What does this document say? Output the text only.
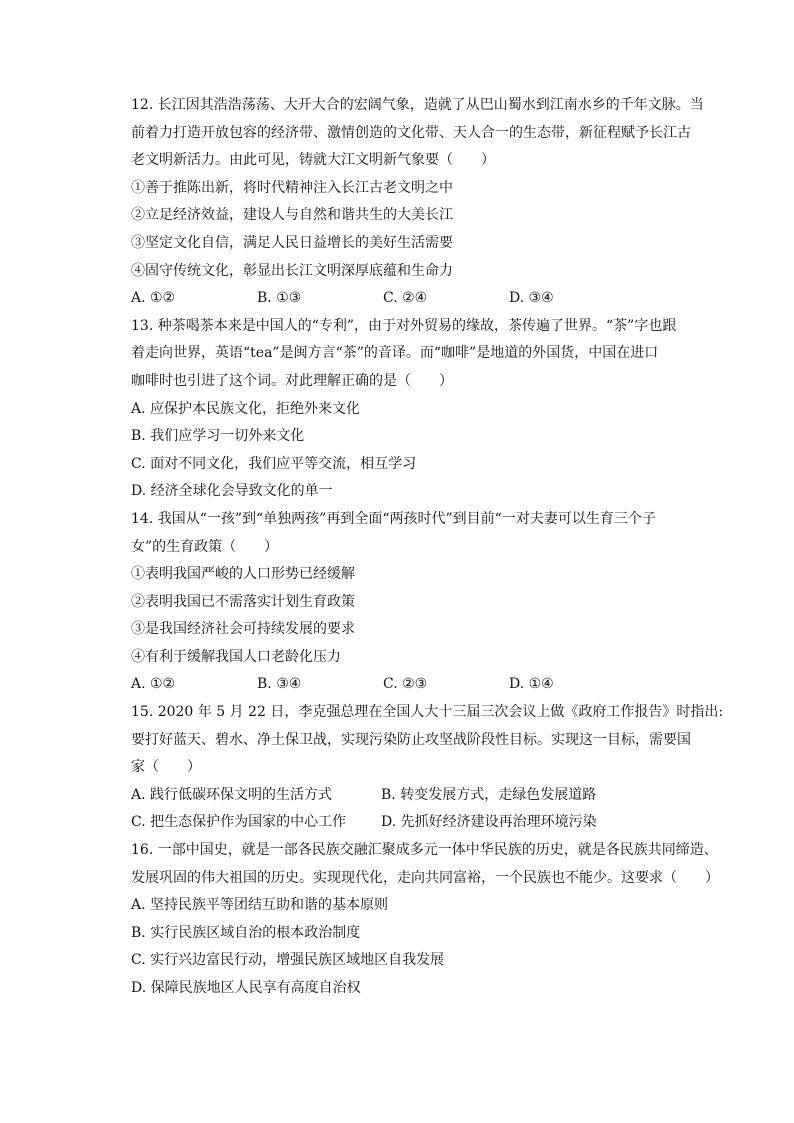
12. 长江因其浩浩荡荡、大开大合的宏阔气象，造就了从巴山蜀水到江南水乡的千年文脉。当
前着力打造开放包容的经济带、激情创造的文化带、天人合一的生态带，新征程赋予长江古
老文明新活力。由此可见，铸就大江文明新气象要（　　）
①善于推陈出新，将时代精神注入长江古老文明之中
②立足经济效益，建设人与自然和谐共生的大美长江
③坚定文化自信，满足人民日益增长的美好生活需要
④固守传统文化，彰显出长江文明深厚底蕴和生命力
A. ①②	B. ①③	C. ②④	D. ③④
13. 种茶喝茶本来是中国人的“专利”，由于对外贸易的缘故，茶传遍了世界。“茶”字也跟
着走向世界，英语“tea”是闽方言“茶”的音译。而“咖啡”是地道的外国货，中国在进口
咖啡时也引进了这个词。对此理解正确的是（　　）
A. 应保护本民族文化，拒绝外来文化
B. 我们应学习一切外来文化
C. 面对不同文化，我们应平等交流，相互学习
D. 经济全球化会导致文化的单一
14. 我国从“一孩”到“单独两孩”再到全面“两孩时代”到目前“一对夫妻可以生育三个子
女”的生育政策（　　）
①表明我国严峻的人口形势已经缓解
②表明我国已不需落实计划生育政策
③是我国经济社会可持续发展的要求
④有利于缓解我国人口老龄化压力
A. ①②	B. ③④	C. ②③	D. ①④
15. 2020 年 5 月 22 日，李克强总理在全国人大十三届三次会议上做《政府工作报告》时指出:
要打好蓝天、碧水、净土保卫战，实现污染防止攻坚战阶段性目标。实现这一目标，需要国
家（　　）
A. 践行低碳环保文明的生活方式	B. 转变发展方式，走绿色发展道路
C. 把生态保护作为国家的中心工作	D. 先抓好经济建设再治理环境污染
16. 一部中国史，就是一部各民族交融汇聚成多元一体中华民族的历史，就是各民族共同缔造、
发展巩固的伟大祖国的历史。实现现代化，走向共同富裕，一个民族也不能少。这要求（　　）
A. 坚持民族平等团结互助和谐的基本原则
B. 实行民族区域自治的根本政治制度
C. 实行兴边富民行动，增强民族区域地区自我发展
D. 保障民族地区人民享有高度自治权
